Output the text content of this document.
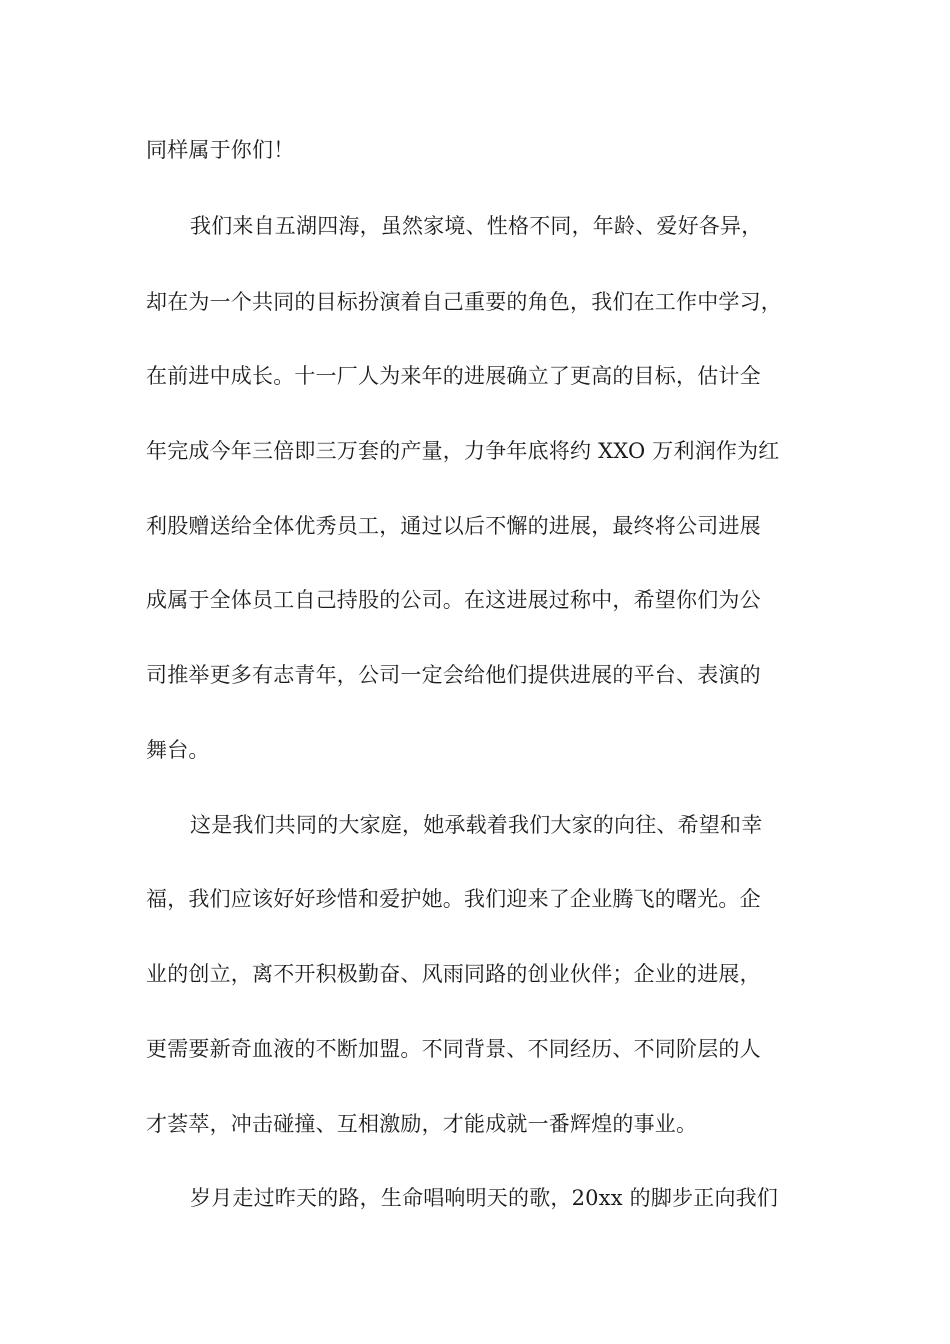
同样属于你们！
我们来自五湖四海，虽然家境、性格不同，年龄、爱好各异，
却在为一个共同的目标扮演着自己重要的角色，我们在工作中学习，
在前进中成长。十一厂人为来年的进展确立了更高的目标，估计全
年完成今年三倍即三万套的产量，力争年底将约 XXO 万利润作为红
利股赠送给全体优秀员工，通过以后不懈的进展，最终将公司进展
成属于全体员工自己持股的公司。在这进展过称中，希望你们为公
司推举更多有志青年，公司一定会给他们提供进展的平台、表演的
舞台。
这是我们共同的大家庭，她承载着我们大家的向往、希望和幸
福，我们应该好好珍惜和爱护她。我们迎来了企业腾飞的曙光。企
业的创立，离不开积极勤奋、风雨同路的创业伙伴；企业的进展，
更需要新奇血液的不断加盟。不同背景、不同经历、不同阶层的人
才荟萃，冲击碰撞、互相激励，才能成就一番辉煌的事业。
岁月走过昨天的路，生命唱响明天的歌，20xx 的脚步正向我们
